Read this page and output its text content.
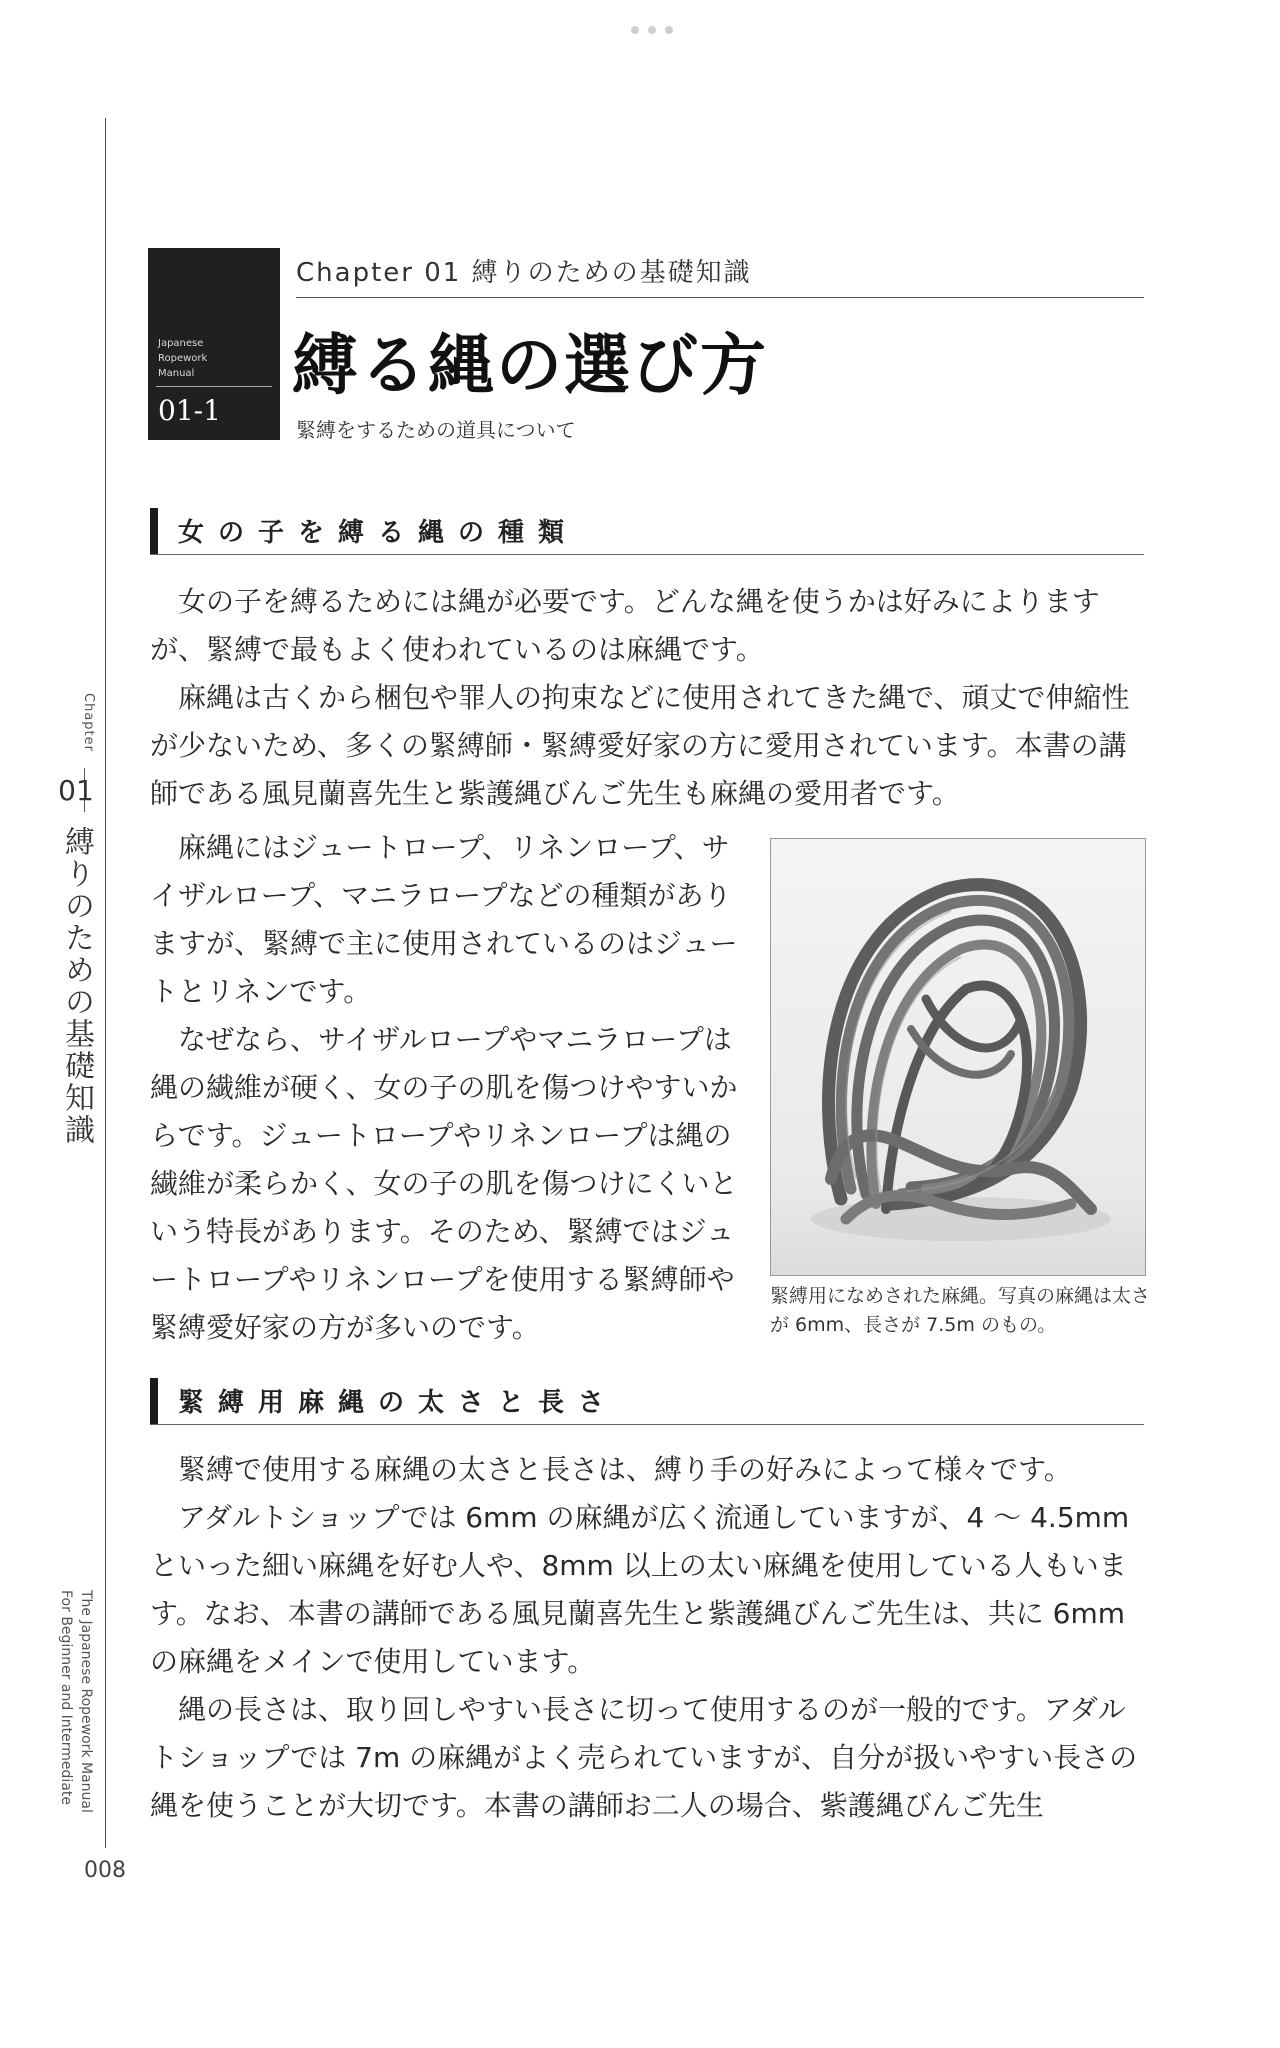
Chapter
01
縛りのための基礎知識
The Japanese Ropework Manual
For Beginner and Intermediate
008
Japanese
Ropework
Manual
01-1
Chapter 01 縛りのための基礎知識
縛る縄の選び方
緊縛をするための道具について
女の子を縛る縄の種類

女の子を縛るためには縄が必要です。どんな縄を使うかは好みによりますが、緊縛で最もよく使われているのは麻縄です。

麻縄は古くから梱包や罪人の拘束などに使用されてきた縄で、頑丈で伸縮性が少ないため、多くの緊縛師・緊縛愛好家の方に愛用されています。本書の講師である風見蘭喜先生と紫護縄びんご先生も麻縄の愛用者です。

麻縄にはジュートロープ、リネンロープ、サイザルロープ、マニラロープなどの種類がありますが、緊縛で主に使用されているのはジュートとリネンです。

なぜなら、サイザルロープやマニラロープは縄の繊維が硬く、女の子の肌を傷つけやすいからです。ジュートロープやリネンロープは縄の繊維が柔らかく、女の子の肌を傷つけにくいという特長があります。そのため、緊縛ではジュートロープやリネンロープを使用する緊縛師や緊縛愛好家の方が多いのです。

緊縛用になめされた麻縄。写真の麻縄は太さが 6mm、長さが 7.5m のもの。
緊縛用麻縄の太さと長さ

緊縛で使用する麻縄の太さと長さは、縛り手の好みによって様々です。

アダルトショップでは 6mm の麻縄が広く流通していますが、4 ～ 4.5mm といった細い麻縄を好む人や、8mm 以上の太い麻縄を使用している人もいます。なお、本書の講師である風見蘭喜先生と紫護縄びんご先生は、共に 6mm の麻縄をメインで使用しています。

縄の長さは、取り回しやすい長さに切って使用するのが一般的です。アダルトショップでは 7m の麻縄がよく売られていますが、自分が扱いやすい長さの縄を使うことが大切です。本書の講師お二人の場合、紫護縄びんご先生
